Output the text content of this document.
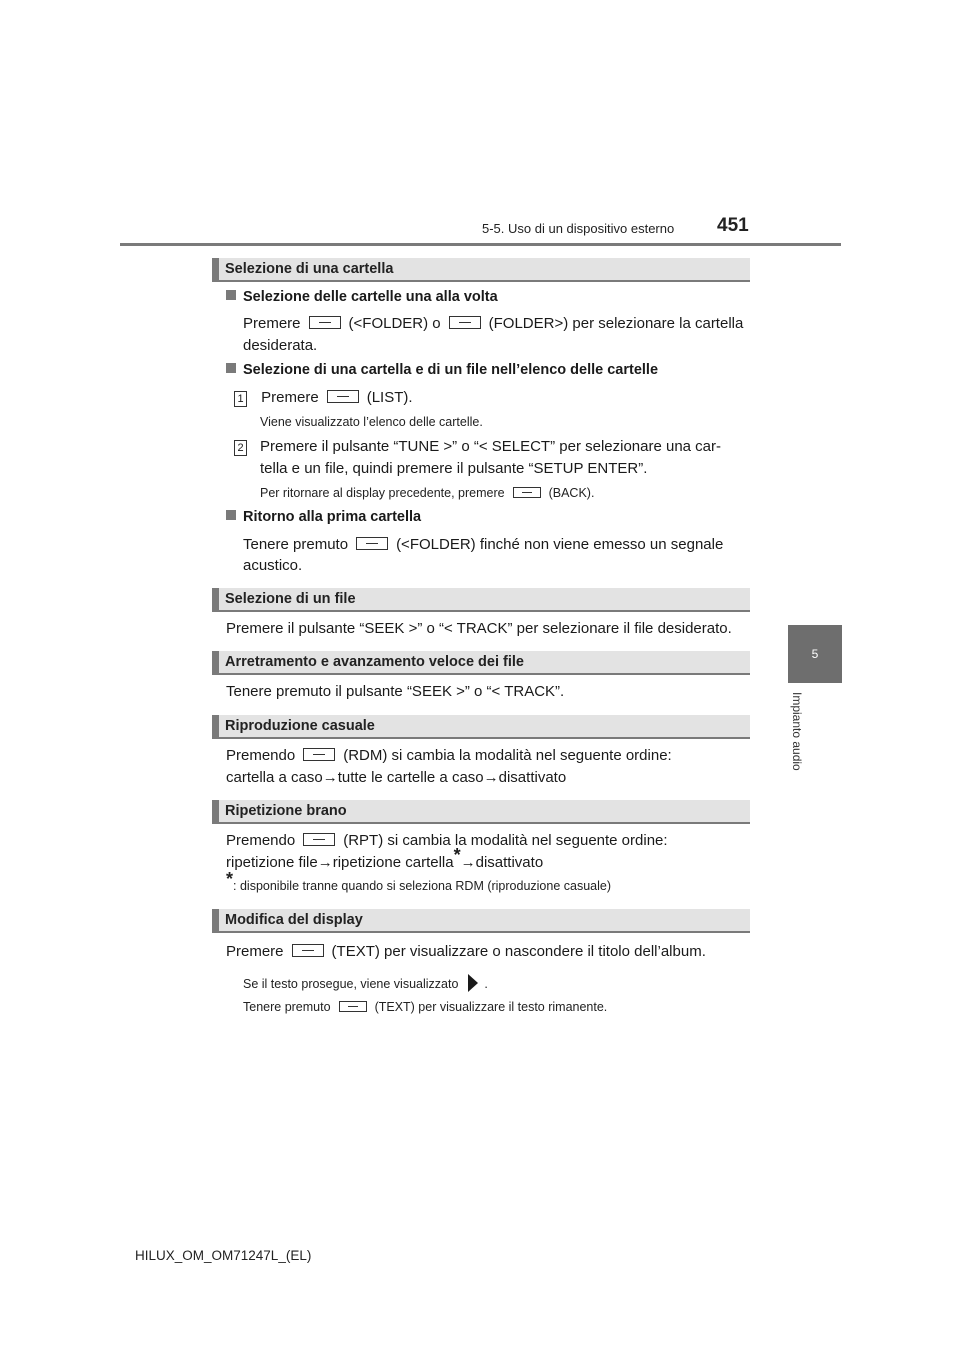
5-5. Uso di un dispositivo esterno 451
5
Impianto audio
Selezione di una cartella
Selezione delle cartelle una alla volta
Premere	(<FOLDER) o	(FOLDER>) per selezionare la cartella
desiderata.
Selezione di una cartella e di un file nell’elenco delle cartelle
1 Premere	(LIST).
Viene visualizzato l’elenco delle cartelle.
2 Premere il pulsante “TUNE >” o “< SELECT” per selezionare una car-
tella e un file, quindi premere il pulsante “SETUP ENTER”.
Per ritornare al display precedente, premere	(BACK).
Ritorno alla prima cartella
Tenere premuto	(<FOLDER) finché non viene emesso un segnale
acustico.
Selezione di un file
Premere il pulsante “SEEK >” o “< TRACK” per selezionare il file desiderato.
Arretramento e avanzamento veloce dei file
Tenere premuto il pulsante “SEEK >” o “< TRACK”.
Riproduzione casuale
Premendo	(RDM) si cambia la modalità nel seguente ordine:
cartella a caso→tutte le cartelle a caso→disattivato
Ripetizione brano
Premendo	(RPT) si cambia la modalità nel seguente ordine:
ripetizione file→ripetizione cartella*→disattivato
*: disponibile tranne quando si seleziona RDM (riproduzione casuale)
Modifica del display
Premere	(TEXT) per visualizzare o nascondere il titolo dell’album.
Se il testo prosegue, viene visualizzato .
Tenere premuto	(TEXT) per visualizzare il testo rimanente.
HILUX_OM_OM71247L_(EL)
